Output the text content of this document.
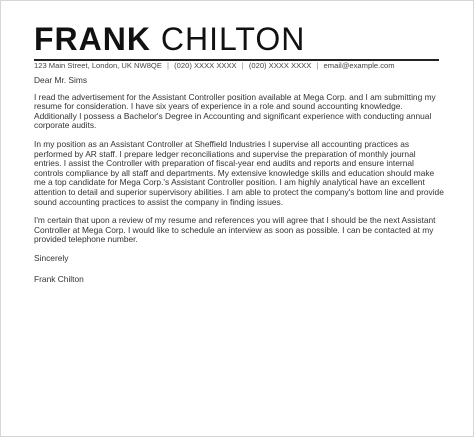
FRANK CHILTON
123 Main Street, London, UK NW8QE | (020) XXXX XXXX | (020) XXXX XXXX | email@example.com

Dear Mr. Sims

I read the advertisement for the Assistant Controller position available at Mega Corp. and I am submitting my resume for consideration. I have six years of experience in a role and sound accounting knowledge. Additionally I possess a Bachelor's Degree in Accounting and significant experience with conducting annual corporate audits.

In my position as an Assistant Controller at Sheffield Industries I supervise all accounting practices as performed by AR staff. I prepare ledger reconciliations and supervise the preparation of monthly journal entries. I assist the Controller with preparation of fiscal-year end audits and reports and ensure internal controls compliance by all staff and departments. My extensive knowledge skills and education should make me a top candidate for Mega Corp.'s Assistant Controller position. I am highly analytical have an excellent attention to detail and superior supervisory abilities. I am able to protect the company's bottom line and provide sound accounting practices to assist the company in finding issues.

I'm certain that upon a review of my resume and references you will agree that I should be the next Assistant Controller at Mega Corp. I would like to schedule an interview as soon as possible. I can be contacted at my provided telephone number.

Sincerely

Frank Chilton
